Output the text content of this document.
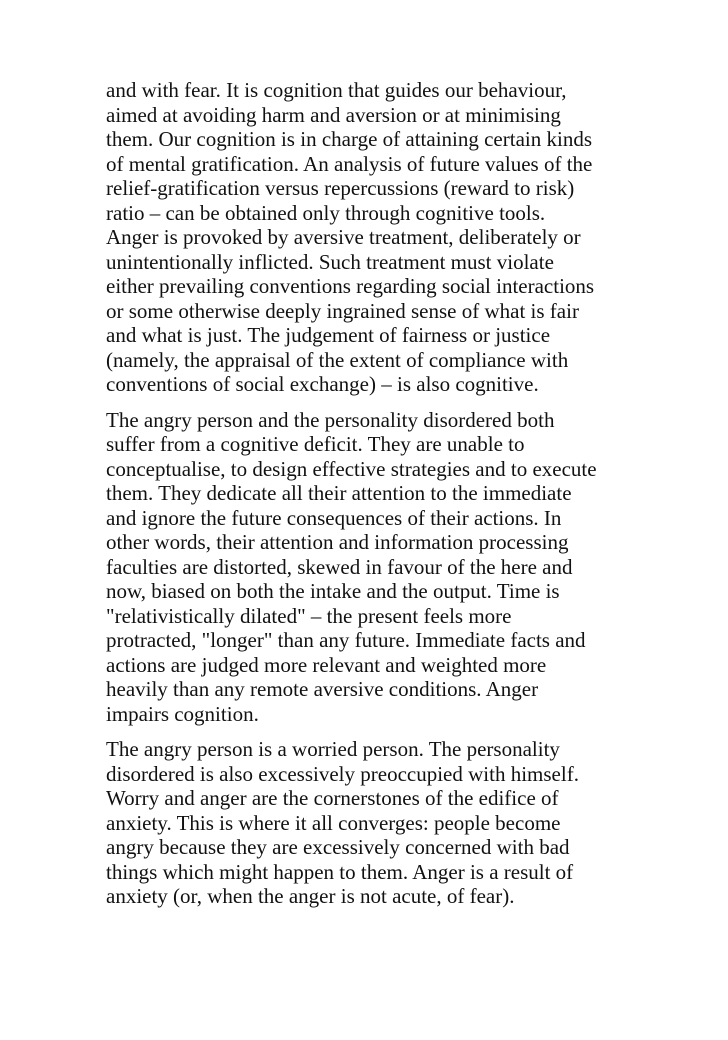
and with fear. It is cognition that guides our behaviour,
aimed at avoiding harm and aversion or at minimising
them. Our cognition is in charge of attaining certain kinds
of mental gratification. An analysis of future values of the
relief-gratification versus repercussions (reward to risk)
ratio – can be obtained only through cognitive tools.
Anger is provoked by aversive treatment, deliberately or
unintentionally inflicted. Such treatment must violate
either prevailing conventions regarding social interactions
or some otherwise deeply ingrained sense of what is fair
and what is just. The judgement of fairness or justice
(namely, the appraisal of the extent of compliance with
conventions of social exchange) – is also cognitive.

The angry person and the personality disordered both
suffer from a cognitive deficit. They are unable to
conceptualise, to design effective strategies and to execute
them. They dedicate all their attention to the immediate
and ignore the future consequences of their actions. In
other words, their attention and information processing
faculties are distorted, skewed in favour of the here and
now, biased on both the intake and the output. Time is
"relativistically dilated" – the present feels more
protracted, "longer" than any future. Immediate facts and
actions are judged more relevant and weighted more
heavily than any remote aversive conditions. Anger
impairs cognition.

The angry person is a worried person. The personality
disordered is also excessively preoccupied with himself.
Worry and anger are the cornerstones of the edifice of
anxiety. This is where it all converges: people become
angry because they are excessively concerned with bad
things which might happen to them. Anger is a result of
anxiety (or, when the anger is not acute, of fear).
